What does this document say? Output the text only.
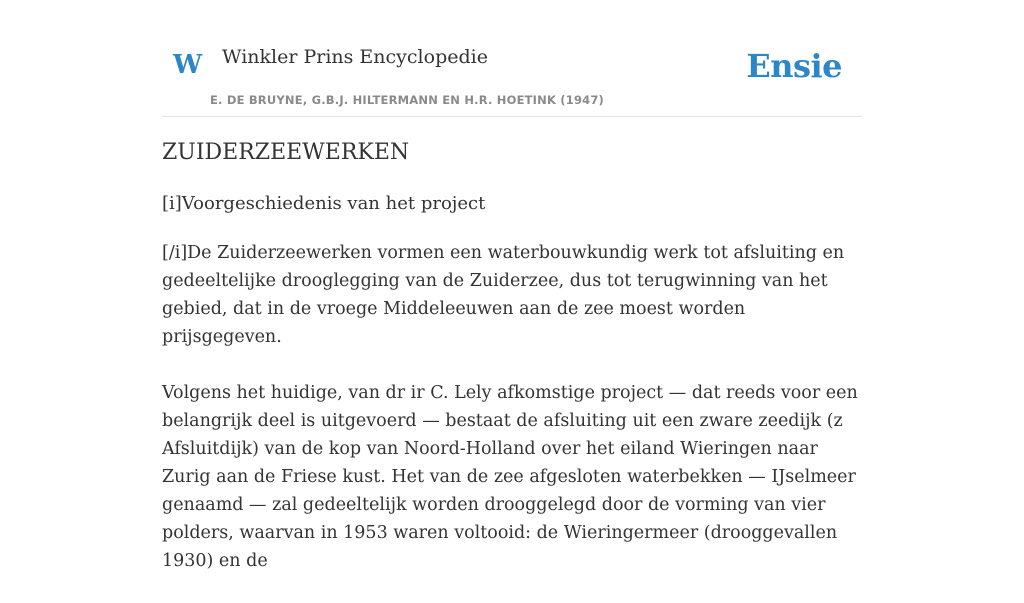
W Winkler Prins Encyclopedie
E. DE BRUYNE, G.B.J. HILTERMANN EN H.R. HOETINK (1947)
Ensie
ZUIDERZEEWERKEN
[i]Voorgeschiedenis van het project

[/i]De Zuiderzeewerken vormen een waterbouwkundig werk tot afsluiting en gedeeltelijke drooglegging van de Zuiderzee, dus tot terugwinning van het gebied, dat in de vroege Middeleeuwen aan de zee moest worden prijsgegeven.

Volgens het huidige, van dr ir C. Lely afkomstige project — dat reeds voor een belangrijk deel is uitgevoerd — bestaat de afsluiting uit een zware zeedijk (z Afsluitdijk) van de kop van Noord-Holland over het eiland Wieringen naar Zurig aan de Friese kust. Het van de zee afgesloten waterbekken — IJselmeer genaamd — zal gedeeltelijk worden drooggelegd door de vorming van vier polders, waarvan in 1953 waren voltooid: de Wieringermeer (drooggevallen 1930) en de
